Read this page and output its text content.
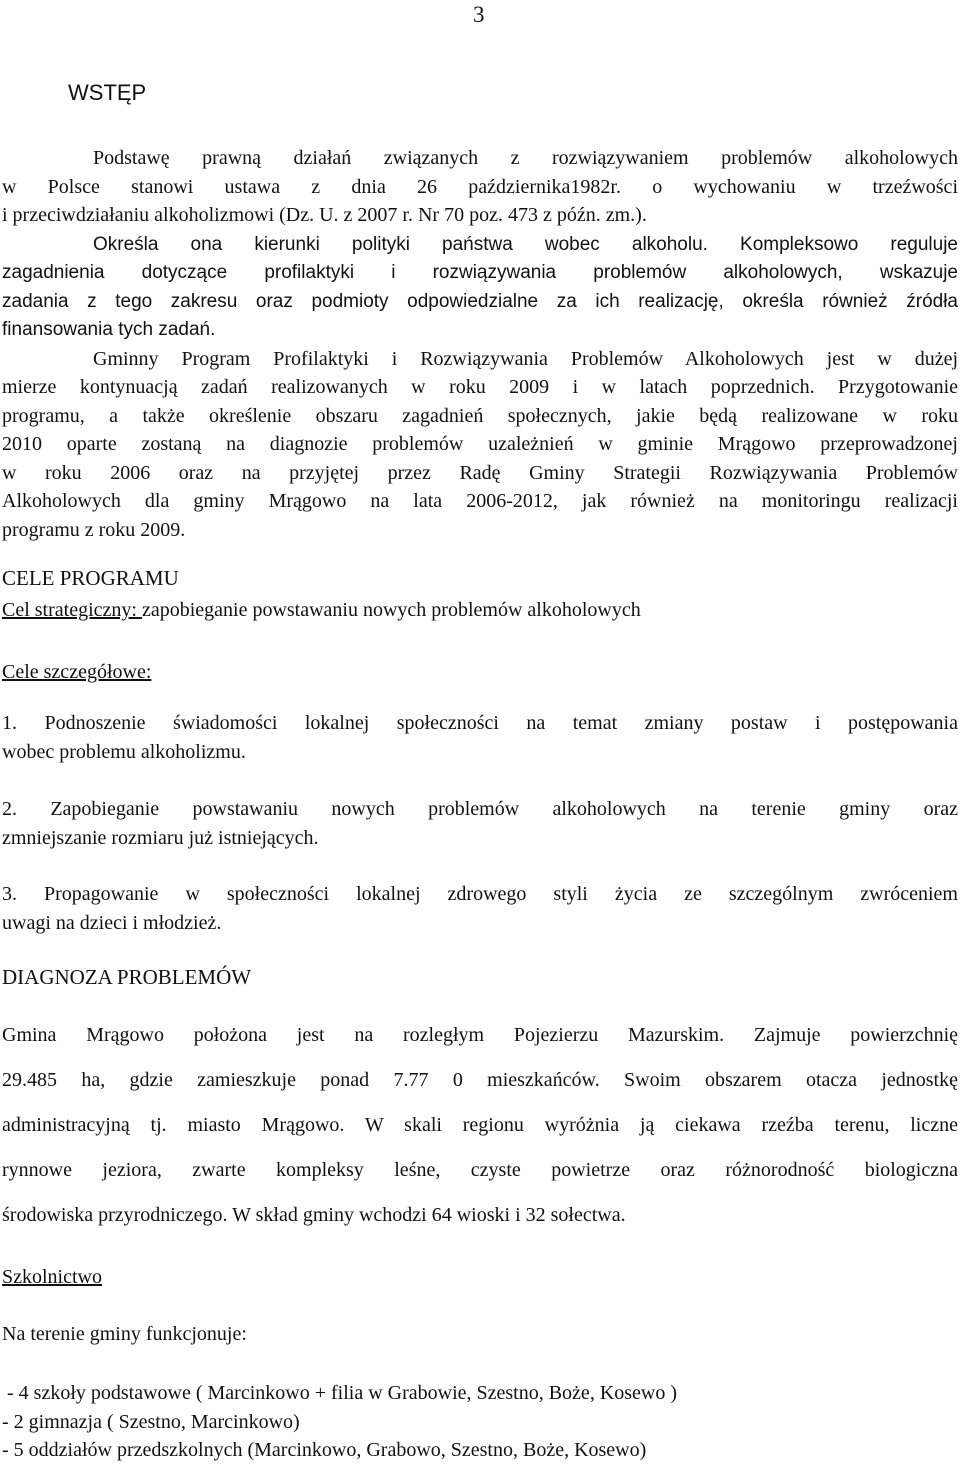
3
WSTĘP
Podstawę prawną działań związanych z rozwiązywaniem problemów alkoholowych
w Polsce stanowi ustawa z dnia 26 października1982r. o wychowaniu w trzeźwości
i przeciwdziałaniu alkoholizmowi (Dz. U. z 2007 r. Nr 70 poz. 473 z późn. zm.).
Określa ona kierunki polityki państwa wobec alkoholu. Kompleksowo reguluje
zagadnienia dotyczące profilaktyki i rozwiązywania problemów alkoholowych, wskazuje
zadania z tego zakresu oraz podmioty odpowiedzialne za ich realizację, określa również źródła
finansowania tych zadań.
Gminny Program Profilaktyki i Rozwiązywania Problemów Alkoholowych jest w dużej
mierze kontynuacją zadań realizowanych w roku 2009 i w latach poprzednich. Przygotowanie
programu, a także określenie obszaru zagadnień społecznych, jakie będą realizowane w roku
2010 oparte zostaną na diagnozie problemów uzależnień w gminie Mrągowo przeprowadzonej
w roku 2006 oraz na przyjętej przez Radę Gminy Strategii Rozwiązywania Problemów
Alkoholowych dla gminy Mrągowo na lata 2006-2012, jak również na monitoringu realizacji
programu z roku 2009.
CELE PROGRAMU
Cel strategiczny: zapobieganie powstawaniu nowych problemów alkoholowych
Cele szczegółowe:
1. Podnoszenie świadomości lokalnej społeczności na temat zmiany postaw i postępowania
wobec problemu alkoholizmu.
2. Zapobieganie powstawaniu nowych problemów alkoholowych na terenie gminy oraz
zmniejszanie rozmiaru już istniejących.
3. Propagowanie w społeczności lokalnej zdrowego styli życia ze szczególnym zwróceniem
uwagi na dzieci i młodzież.
DIAGNOZA PROBLEMÓW
Gmina Mrągowo położona jest na rozległym Pojezierzu Mazurskim. Zajmuje powierzchnię
29.485 ha, gdzie zamieszkuje ponad 7.77 0 mieszkańców. Swoim obszarem otacza jednostkę
administracyjną tj. miasto Mrągowo. W skali regionu wyróżnia ją ciekawa rzeźba terenu, liczne
rynnowe jeziora, zwarte kompleksy leśne, czyste powietrze oraz różnorodność biologiczna
środowiska przyrodniczego. W skład gminy wchodzi 64 wioski i 32 sołectwa.
Szkolnictwo
Na terenie gminy funkcjonuje:
- 4 szkoły podstawowe ( Marcinkowo + filia w Grabowie, Szestno, Boże, Kosewo )
- 2 gimnazja ( Szestno, Marcinkowo)
- 5 oddziałów przedszkolnych (Marcinkowo, Grabowo, Szestno, Boże, Kosewo)
